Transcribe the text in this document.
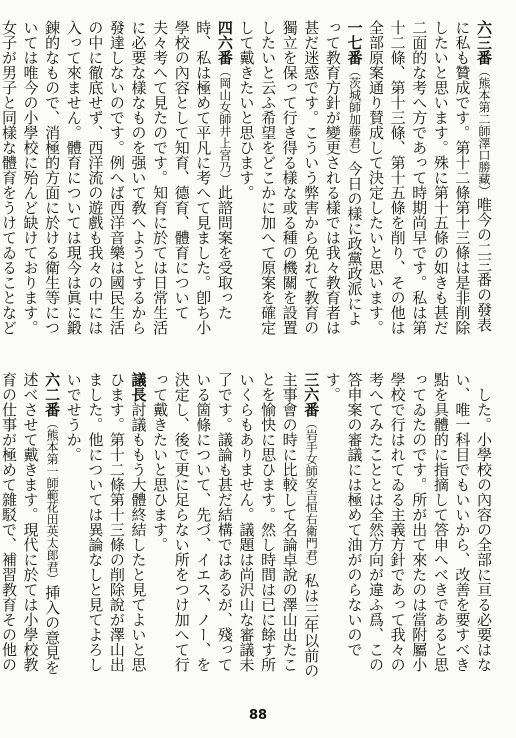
六三番（熊本第二師澤口勝藏）唯今の二三番の發表に私も贊成です。第十二條第十三條は是非削除したいと思います。殊に第十五條の如きも甚だ二面的な考へ方であって時期尚早です。私は第十二條、第十三條、第十五條を削り、その他は全部原案通り賛成して決定したいと思います。

一七番（茨城師加藤君）今日の樣に政黨政派によって教育方針が變更される樣では我々教育者は甚だ迷惑です。こういう弊害から免れて教育の獨立を保って行き得る樣な或る種の機關を設置したいと云ふ希望をどこかに加へて原案を確定して戴きたいと思ひます。

四六番（岡山女師井上宮乃）此諮問案を受取った時、私は極めて平凡に考へて見ました。卽ち小學校の內容として知育、德育、體育について夫々考へて見たのです。知育に於ては日常生活に必要な樣なものを强いて敎へようとするから發達しないのです。例へば西洋音樂は國民生活の中に徹底せず、西洋流の遊戲も我々の中には入って來ません。體育については現今は眞に鍛錬的なもので、消極的方面に於ける衛生等については唯今の小學校に殆んど缺けております。女子が男子と同樣な體育をうけてゐることなど

した。小學校の內容の全部に亘る必要はない、唯一科目でもいいから、改善を要すべき點を具體的に指摘して答申へべきであると思ってゐたのです。所が出て來たのは當附屬小學校で行はれてゐる主義方針であって我々の考へてみたこととは全然方向が違ふ爲、この答申案の審議には極めて油がのらないのです。

三六番（岩手女師安吉恒右衛門君）私は三年以前の主事會の時に比較して名論卓說の澤山出たことを愉快に思ひます。然し時間は已に餘す所いくらもありません。議題は尚沢山な審議未了です。議論も甚だ結構ではあるが、殘っている箇條について、先づ、イエス、ノー、を決定し、後で更に足らない所をつけ加へて行って戴きたいと思ひます。

議長討議ももう大體終結したと見てよいと思ひます。第十二條第十三條の削除說が澤山出ました。他については異論なしと見てよろしいでせうか。

六二番（熊本第一師範花田英太郎君）挿入の意見を述べさせて戴きます。現代に於ては小學校教育の仕事が極めて雜駁で、補習教育その他の

88
